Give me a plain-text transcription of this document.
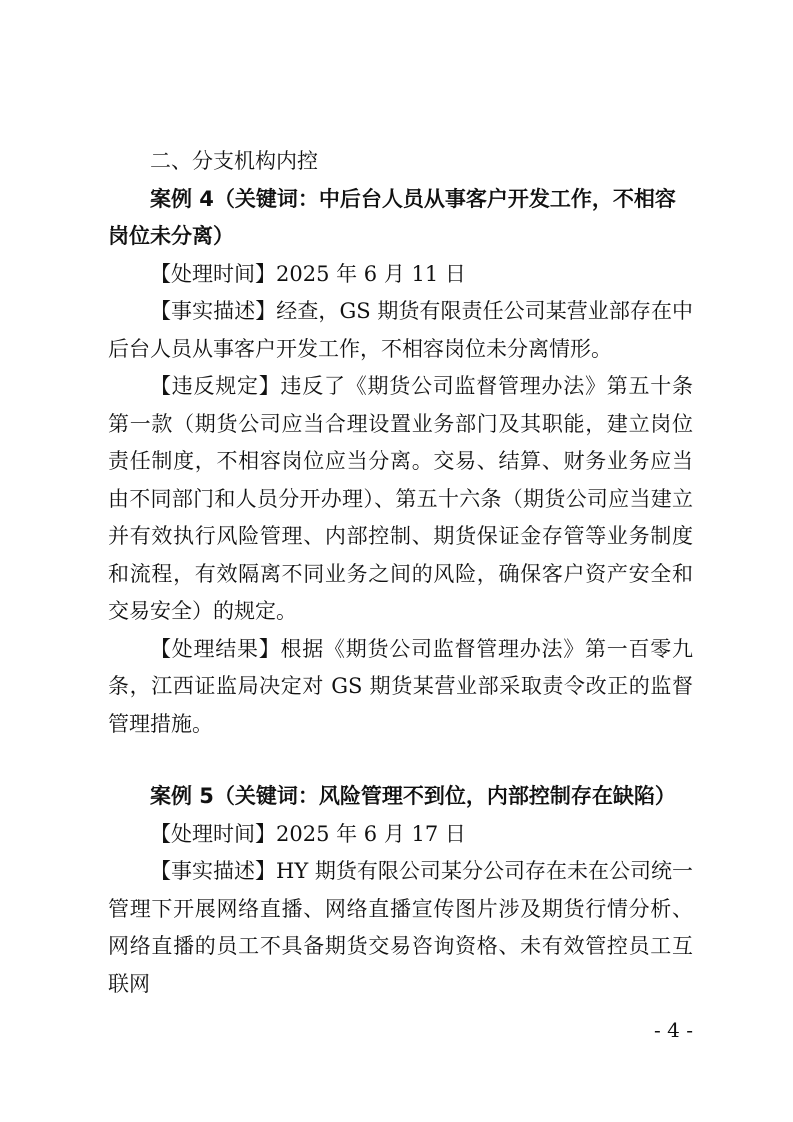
二、分支机构内控
案例 4（关键词：中后台人员从事客户开发工作，不相容岗位未分离）
【处理时间】2025 年 6 月 11 日
【事实描述】经查，GS 期货有限责任公司某营业部存在中后台人员从事客户开发工作，不相容岗位未分离情形。
【违反规定】违反了《期货公司监督管理办法》第五十条第一款（期货公司应当合理设置业务部门及其职能，建立岗位责任制度，不相容岗位应当分离。交易、结算、财务业务应当由不同部门和人员分开办理）、第五十六条（期货公司应当建立并有效执行风险管理、内部控制、期货保证金存管等业务制度和流程，有效隔离不同业务之间的风险，确保客户资产安全和交易安全）的规定。
【处理结果】根据《期货公司监督管理办法》第一百零九条，江西证监局决定对 GS 期货某营业部采取责令改正的监督管理措施。
案例 5（关键词：风险管理不到位，内部控制存在缺陷）
【处理时间】2025 年 6 月 17 日
【事实描述】HY 期货有限公司某分公司存在未在公司统一管理下开展网络直播、网络直播宣传图片涉及期货行情分析、网络直播的员工不具备期货交易咨询资格、未有效管控员工互联网
- 4 -
